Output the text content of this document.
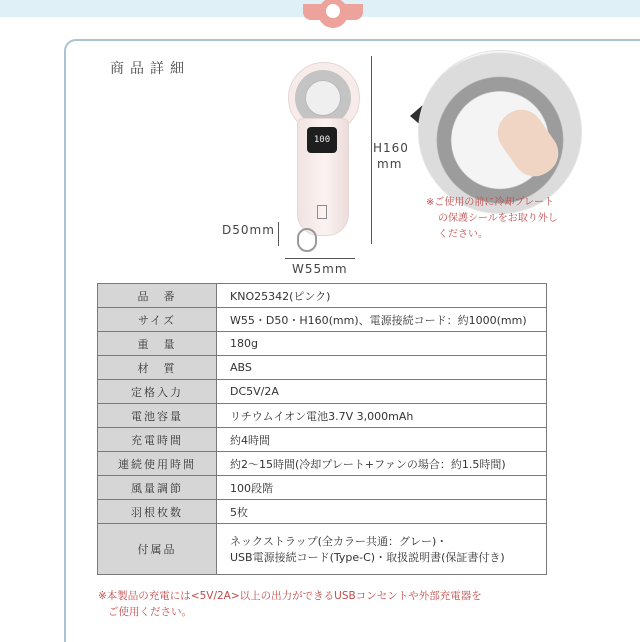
商品詳細
100
H160
mm
D50mm
W55mm
※ご使用の前に冷却プレート
の保護シールをお取り外し
ください。
品　番	KNO25342(ピンク)
サイズ	W55・D50・H160(mm)、電源接続コード：約1000(mm)
重　量	180g
材　質	ABS
定格入力	DC5V/2A
電池容量	リチウムイオン電池3.7V 3,000mAh
充電時間	約4時間
連続使用時間	約2～15時間(冷却プレート+ファンの場合：約1.5時間)
風量調節	100段階
羽根枚数	5枚
付属品	ネックストラップ(全カラー共通：グレー)・
USB電源接続コード(Type-C)・取扱説明書(保証書付き)
※本製品の充電には<5V/2A>以上の出力ができるUSBコンセントや外部充電器を
ご使用ください。
